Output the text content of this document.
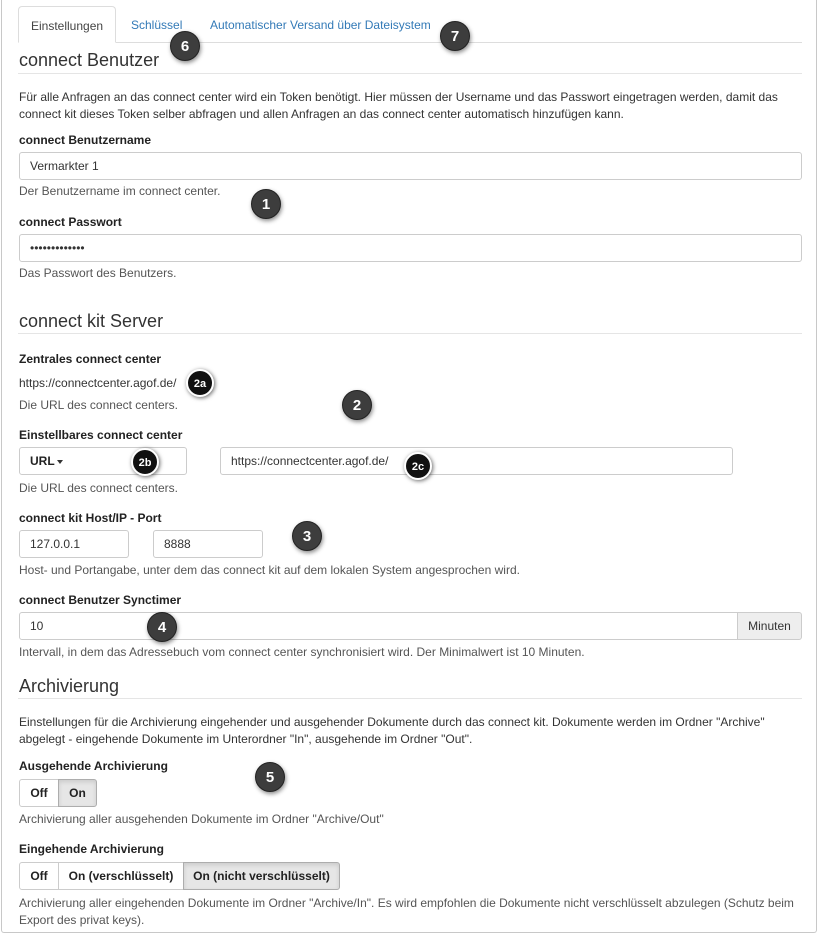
Einstellungen	Schlüssel	Automatischer Versand über Dateisystem
connect Benutzer
Für alle Anfragen an das connect center wird ein Token benötigt. Hier müssen der Username und das Passwort eingetragen werden, damit das connect kit dieses Token selber abfragen und allen Anfragen an das connect center automatisch hinzufügen kann.
connect Benutzername
Vermarkter 1
Der Benutzername im connect center.
connect Passwort
•••••••••••••
Das Passwort des Benutzers.
connect kit Server
Zentrales connect center
https://connectcenter.agof.de/
Die URL des connect centers.
Einstellbares connect center
URL	https://connectcenter.agof.de/
Die URL des connect centers.
connect kit Host/IP - Port
127.0.0.1	8888
Host- und Portangabe, unter dem das connect kit auf dem lokalen System angesprochen wird.
connect Benutzer Synctimer
10	Minuten
Intervall, in dem das Adressebuch vom connect center synchronisiert wird. Der Minimalwert ist 10 Minuten.
Archivierung
Einstellungen für die Archivierung eingehender und ausgehender Dokumente durch das connect kit. Dokumente werden im Ordner "Archive" abgelegt - eingehende Dokumente im Unterordner "In", ausgehende im Ordner "Out".
Ausgehende Archivierung
Off	On
Archivierung aller ausgehenden Dokumente im Ordner "Archive/Out"
Eingehende Archivierung
Off	On (verschlüsselt)	On (nicht verschlüsselt)
Archivierung aller eingehenden Dokumente im Ordner "Archive/In". Es wird empfohlen die Dokumente nicht verschlüsselt abzulegen (Schutz beim Export des privat keys).
1
2
2a
2b	2c
3
4
5
6
7
